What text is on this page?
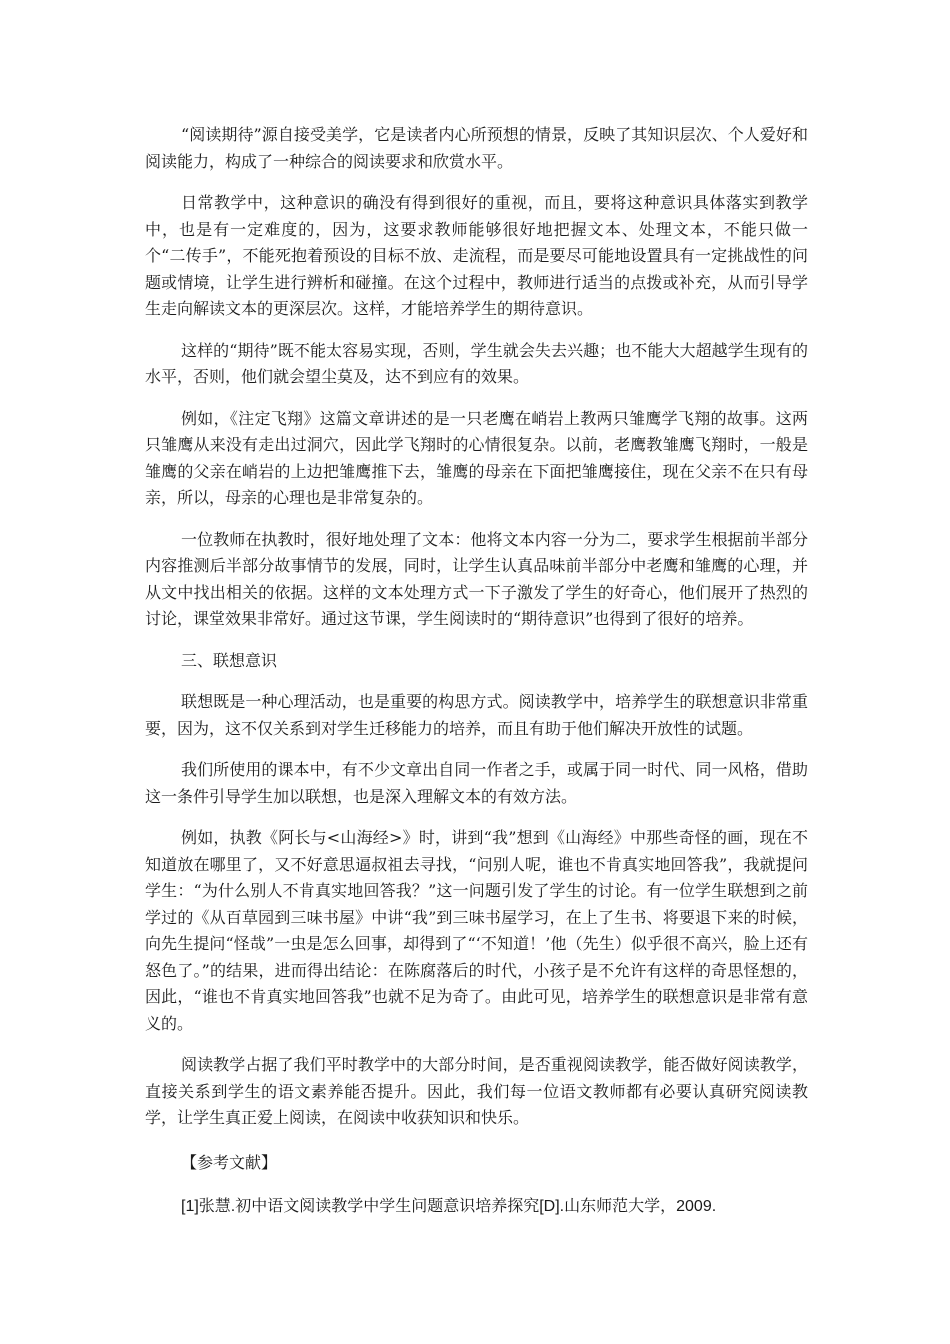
“阅读期待”源自接受美学，它是读者内心所预想的情景，反映了其知识层次、个人爱好和阅读能力，构成了一种综合的阅读要求和欣赏水平。

日常教学中，这种意识的确没有得到很好的重视，而且，要将这种意识具体落实到教学中，也是有一定难度的，因为，这要求教师能够很好地把握文本、处理文本，不能只做一个“二传手”，不能死抱着预设的目标不放、走流程，而是要尽可能地设置具有一定挑战性的问题或情境，让学生进行辨析和碰撞。在这个过程中，教师进行适当的点拨或补充，从而引导学生走向解读文本的更深层次。这样，才能培养学生的期待意识。

这样的“期待”既不能太容易实现，否则，学生就会失去兴趣；也不能大大超越学生现有的水平，否则，他们就会望尘莫及，达不到应有的效果。

例如，《注定飞翔》这篇文章讲述的是一只老鹰在峭岩上教两只雏鹰学飞翔的故事。这两只雏鹰从来没有走出过洞穴，因此学飞翔时的心情很复杂。以前，老鹰教雏鹰飞翔时，一般是雏鹰的父亲在峭岩的上边把雏鹰推下去，雏鹰的母亲在下面把雏鹰接住，现在父亲不在只有母亲，所以，母亲的心理也是非常复杂的。

一位教师在执教时，很好地处理了文本：他将文本内容一分为二，要求学生根据前半部分内容推测后半部分故事情节的发展，同时，让学生认真品味前半部分中老鹰和雏鹰的心理，并从文中找出相关的依据。这样的文本处理方式一下子激发了学生的好奇心，他们展开了热烈的讨论，课堂效果非常好。通过这节课，学生阅读时的“期待意识”也得到了很好的培养。

三、联想意识

联想既是一种心理活动，也是重要的构思方式。阅读教学中，培养学生的联想意识非常重要，因为，这不仅关系到对学生迁移能力的培养，而且有助于他们解决开放性的试题。

我们所使用的课本中，有不少文章出自同一作者之手，或属于同一时代、同一风格，借助这一条件引导学生加以联想，也是深入理解文本的有效方法。

例如，执教《阿长与<山海经>》时，讲到“我”想到《山海经》中那些奇怪的画，现在不知道放在哪里了，又不好意思逼叔祖去寻找，“问别人呢，谁也不肯真实地回答我”，我就提问学生：“为什么别人不肯真实地回答我？”这一问题引发了学生的讨论。有一位学生联想到之前学过的《从百草园到三味书屋》中讲“我”到三味书屋学习，在上了生书、将要退下来的时候，向先生提问“怪哉”一虫是怎么回事，却得到了“‘不知道！’他（先生）似乎很不高兴，脸上还有怒色了。”的结果，进而得出结论：在陈腐落后的时代，小孩子是不允许有这样的奇思怪想的，因此，“谁也不肯真实地回答我”也就不足为奇了。由此可见，培养学生的联想意识是非常有意义的。

阅读教学占据了我们平时教学中的大部分时间，是否重视阅读教学，能否做好阅读教学，直接关系到学生的语文素养能否提升。因此，我们每一位语文教师都有必要认真研究阅读教学，让学生真正爱上阅读，在阅读中收获知识和快乐。

【参考文献】

[1]张慧.初中语文阅读教学中学生问题意识培养探究[D].山东师范大学，2009.
